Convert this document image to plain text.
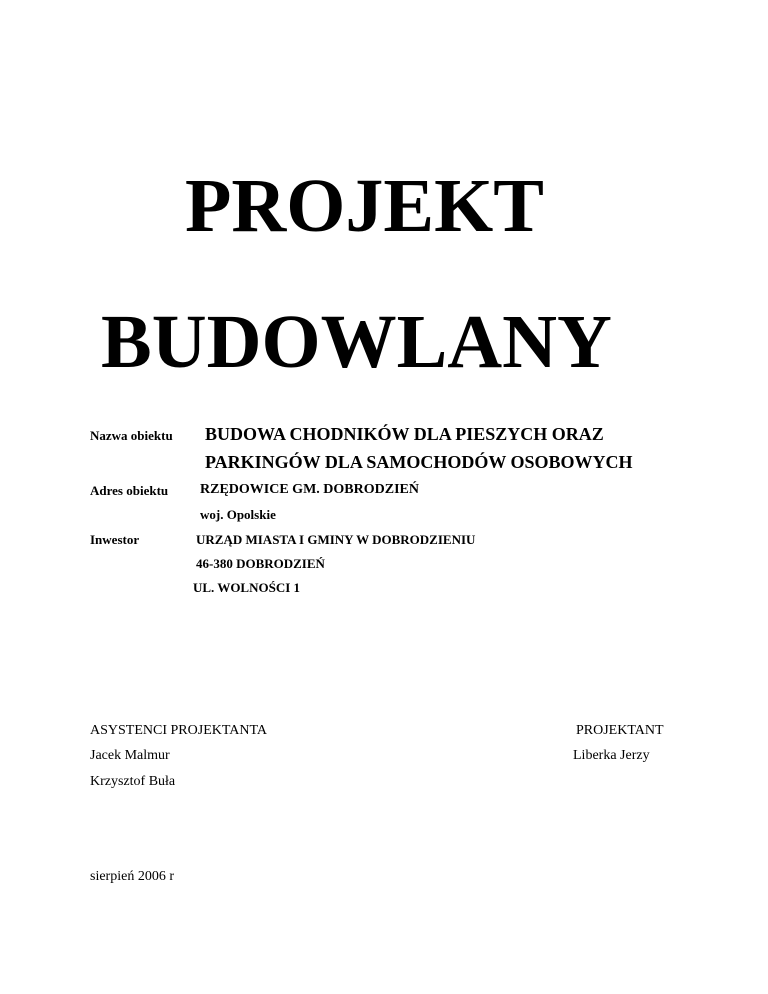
PROJEKT
BUDOWLANY
Nazwa obiektu BUDOWA CHODNIKÓW DLA PIESZYCH ORAZ
PARKINGÓW DLA SAMOCHODÓW OSOBOWYCH
Adres obiektu RZĘDOWICE GM. DOBRODZIEŃ
woj. Opolskie
Inwestor	URZĄD MIASTA I GMINY W DOBRODZIENIU
46-380 DOBRODZIEŃ
UL. WOLNOŚCI 1
ASYSTENCI PROJEKTANTA
Jacek Malmur
Krzysztof Buła
PROJEKTANT
Liberka Jerzy
sierpień 2006 r
